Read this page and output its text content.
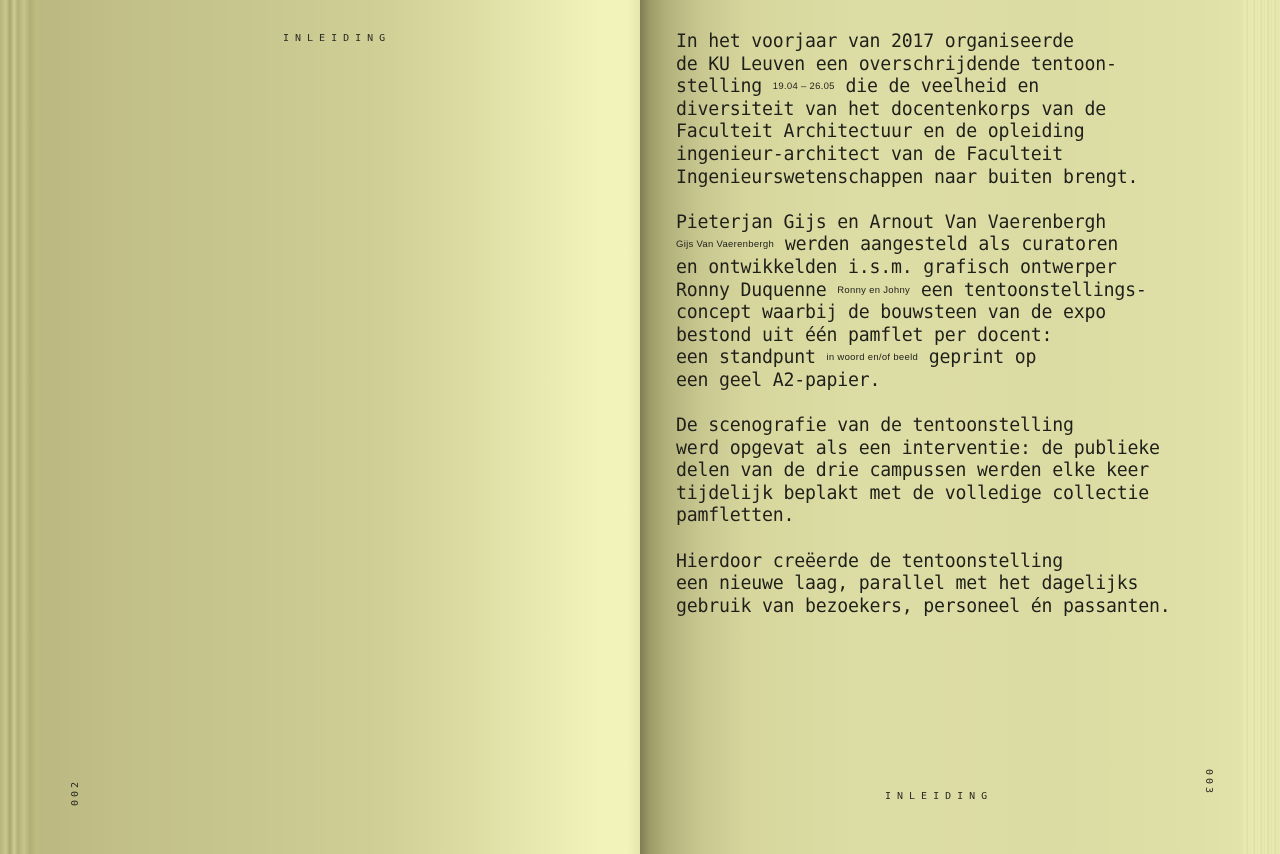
INLEIDING
002
In het voorjaar van 2017 organiseerde
de KU Leuven een overschrijdende tentoon-
stelling 19.04 – 26.05 die de veelheid en
diversiteit van het docentenkorps van de
Faculteit Architectuur en de opleiding
ingenieur-architect van de Faculteit
Ingenieurswetenschappen naar buiten brengt.
Pieterjan Gijs en Arnout Van Vaerenbergh
Gijs Van Vaerenbergh werden aangesteld als curatoren
en ontwikkelden i.s.m. grafisch ontwerper
Ronny Duquenne Ronny en Johny een tentoonstellings-
concept waarbij de bouwsteen van de expo
bestond uit één pamflet per docent:
een standpunt in woord en/of beeld geprint op
een geel A2-papier.
De scenografie van de tentoonstelling
werd opgevat als een interventie: de publieke
delen van de drie campussen werden elke keer
tijdelijk beplakt met de volledige collectie
pamfletten.
Hierdoor creëerde de tentoonstelling
een nieuwe laag, parallel met het dagelijks
gebruik van bezoekers, personeel én passanten.
INLEIDING
003
